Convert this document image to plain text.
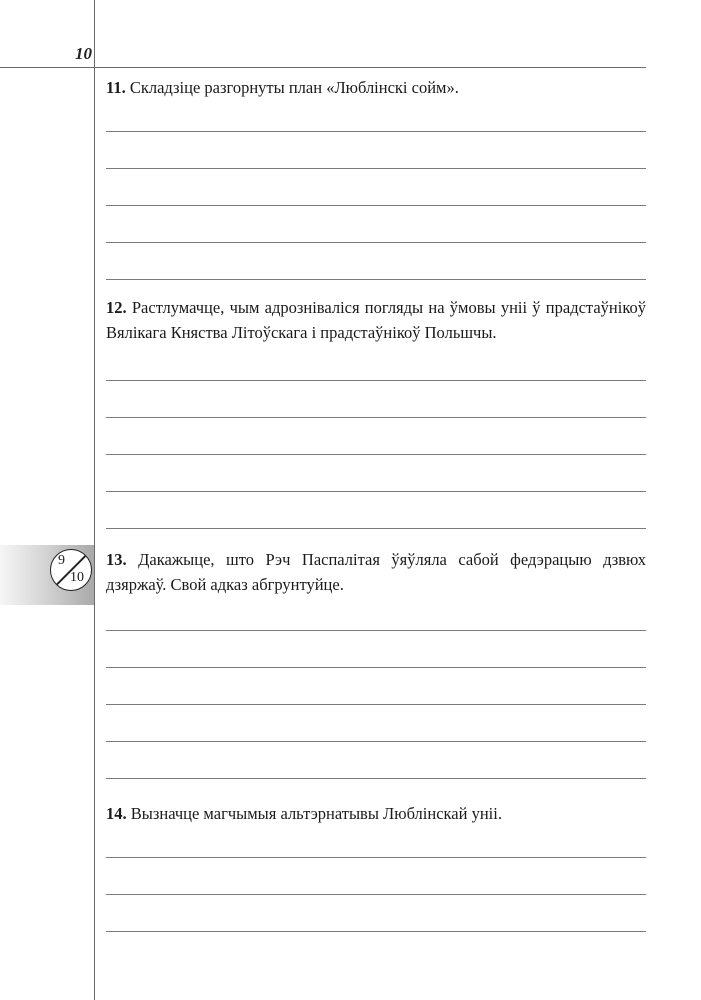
10
9
10

11. Складзіце разгорнуты план «Люблінскі сойм».

12. Растлумачце, чым адрозніваліся погляды на ўмовы уніі ў прадстаўнікоў Вялікага Княства Літоўскага і прадстаўнікоў Польшчы.

13. Дакажыце, што Рэч Паспалітая ўяўляла сабой федэрацыю дзвюх дзяржаў. Свой адказ абгрунтуйце.

14. Вызначце магчымыя альтэрнатывы Люблінскай уніі.
